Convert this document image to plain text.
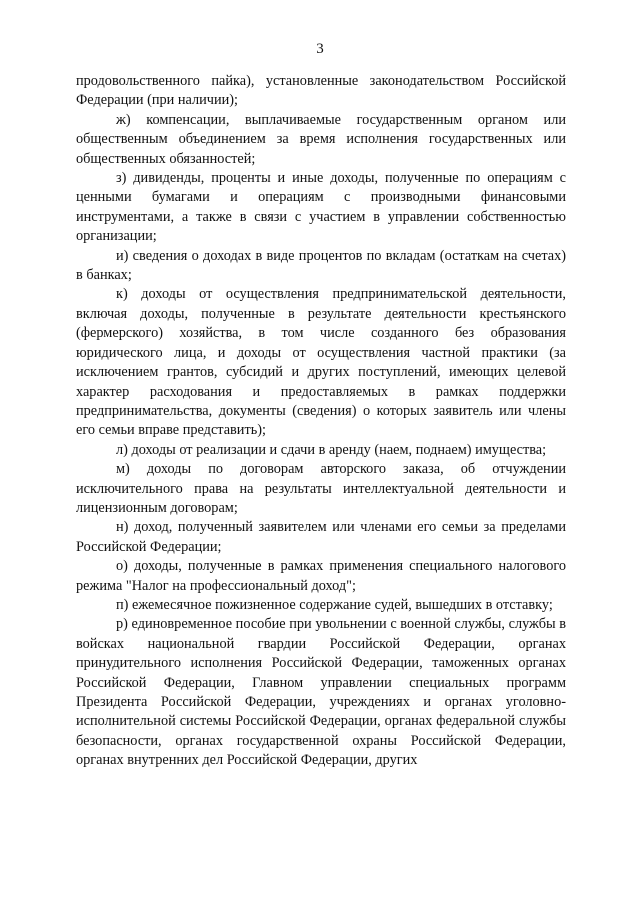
3

продовольственного пайка), установленные законодательством Российской Федерации (при наличии);

ж) компенсации, выплачиваемые государственным органом или общественным объединением за время исполнения государственных или общественных обязанностей;

з) дивиденды, проценты и иные доходы, полученные по операциям с ценными бумагами и операциям с производными финансовыми инструментами, а также в связи с участием в управлении собственностью организации;

и) сведения о доходах в виде процентов по вкладам (остаткам на счетах) в банках;

к) доходы от осуществления предпринимательской деятельности, включая доходы, полученные в результате деятельности крестьянского (фермерского) хозяйства, в том числе созданного без образования юридического лица, и доходы от осуществления частной практики (за исключением грантов, субсидий и других поступлений, имеющих целевой характер расходования и предоставляемых в рамках поддержки предпринимательства, документы (сведения) о которых заявитель или члены его семьи вправе представить);

л) доходы от реализации и сдачи в аренду (наем, поднаем) имущества;

м) доходы по договорам авторского заказа, об отчуждении исключительного права на результаты интеллектуальной деятельности и лицензионным договорам;

н) доход, полученный заявителем или членами его семьи за пределами Российской Федерации;

о) доходы, полученные в рамках применения специального налогового режима "Налог на профессиональный доход";

п) ежемесячное пожизненное содержание судей, вышедших в отставку;

р) единовременное пособие при увольнении с военной службы, службы в войсках национальной гвардии Российской Федерации, органах принудительного исполнения Российской Федерации, таможенных органах Российской Федерации, Главном управлении специальных программ Президента Российской Федерации, учреждениях и органах уголовно-исполнительной системы Российской Федерации, органах федеральной службы безопасности, органах государственной охраны Российской Федерации, органах внутренних дел Российской Федерации, других
